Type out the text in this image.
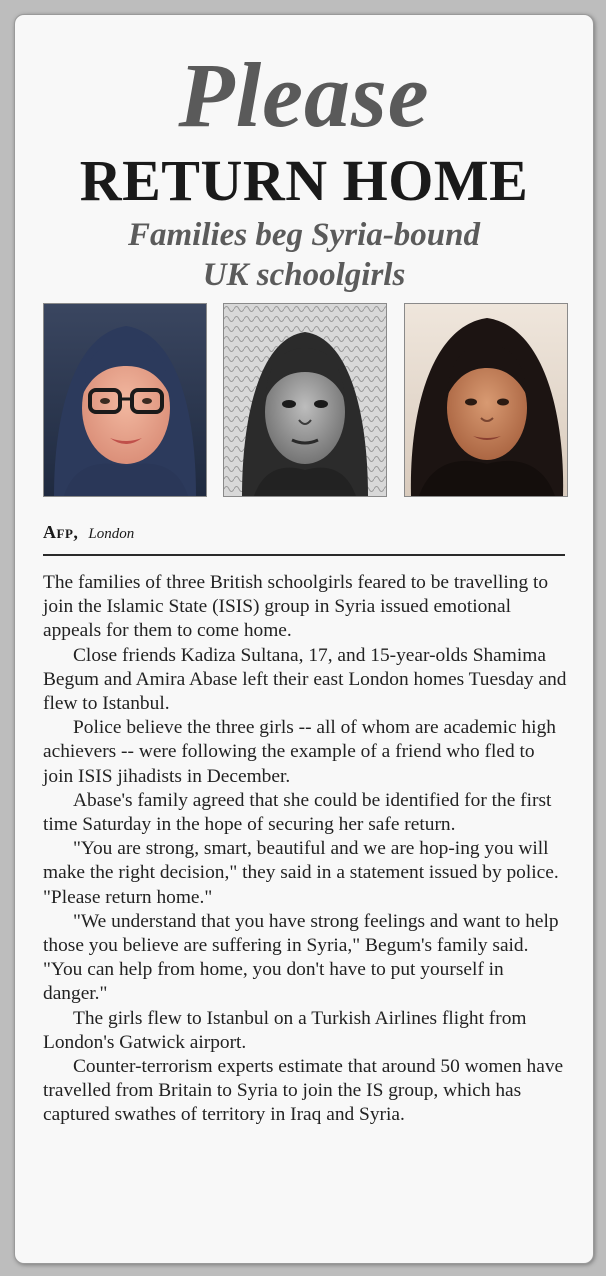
Please
RETURN HOME
Families beg Syria-bound
UK schoolgirls
Afp, London

The families of three British schoolgirls feared to be travelling to join the Islamic State (ISIS) group in Syria issued emotional appeals for them to come home.

Close friends Kadiza Sultana, 17, and 15-year-olds Shamima Begum and Amira Abase left their east London homes Tuesday and flew to Istanbul.

Police believe the three girls -- all of whom are academic high achievers -- were following the example of a friend who fled to join ISIS jihadists in December.

Abase's family agreed that she could be identified for the first time Saturday in the hope of securing her safe return.

"You are strong, smart, beautiful and we are hop-ing you will make the right decision," they said in a statement issued by police. "Please return home."

"We understand that you have strong feelings and want to help those you believe are suffering in Syria," Begum's family said. "You can help from home, you don't have to put yourself in danger."

The girls flew to Istanbul on a Turkish Airlines flight from London's Gatwick airport.

Counter-terrorism experts estimate that around 50 women have travelled from Britain to Syria to join the IS group, which has captured swathes of territory in Iraq and Syria.
